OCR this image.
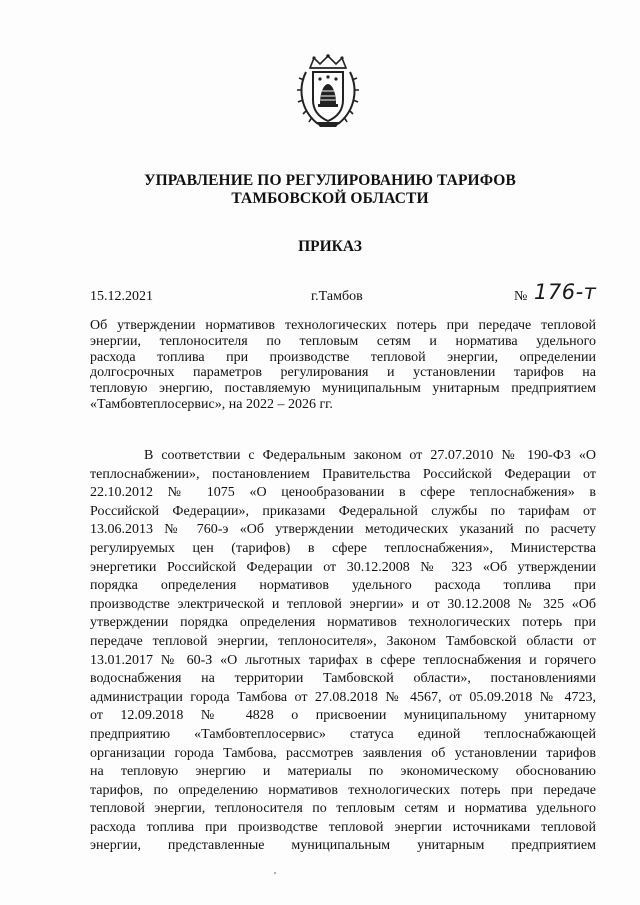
УПРАВЛЕНИЕ ПО РЕГУЛИРОВАНИЮ ТАРИФОВ
ТАМБОВСКОЙ ОБЛАСТИ
ПРИКАЗ
15.12.2021	г.Тамбов	№ 176-т
Об утверждении нормативов технологических потерь при передаче тепловой
энергии, теплоносителя по тепловым сетям и норматива удельного
расхода топлива при производстве тепловой энергии, определении
долгосрочных параметров регулирования и установлении тарифов на
тепловую энергию, поставляемую муниципальным унитарным предприятием
«Тамбовтеплосервис», на 2022 – 2026 гг.
В соответствии с Федеральным законом от 27.07.2010 № 190-ФЗ «О
теплоснабжении», постановлением Правительства Российской Федерации от
22.10.2012 № 1075 «О ценообразовании в сфере теплоснабжения» в
Российской Федерации», приказами Федеральной службы по тарифам от
13.06.2013 № 760-э «Об утверждении методических указаний по расчету
регулируемых цен (тарифов) в сфере теплоснабжения», Министерства
энергетики Российской Федерации от 30.12.2008 № 323 «Об утверждении
порядка определения нормативов удельного расхода топлива при
производстве электрической и тепловой энергии» и от 30.12.2008 № 325 «Об
утверждении порядка определения нормативов технологических потерь при
передаче тепловой энергии, теплоносителя», Законом Тамбовской области от
13.01.2017 № 60-З «О льготных тарифах в сфере теплоснабжения и горячего
водоснабжения на территории Тамбовской области», постановлениями
администрации города Тамбова от 27.08.2018 № 4567, от 05.09.2018 № 4723,
от 12.09.2018 № 4828 о присвоении муниципальному унитарному
предприятию «Тамбовтеплосервис» статуса единой теплоснабжающей
организации города Тамбова, рассмотрев заявления об установлении тарифов
на тепловую энергию и материалы по экономическому обоснованию
тарифов, по определению нормативов технологических потерь при передаче
тепловой энергии, теплоносителя по тепловым сетям и норматива удельного
расхода топлива при производстве тепловой энергии источниками тепловой
энергии, представленные муниципальным унитарным предприятием
